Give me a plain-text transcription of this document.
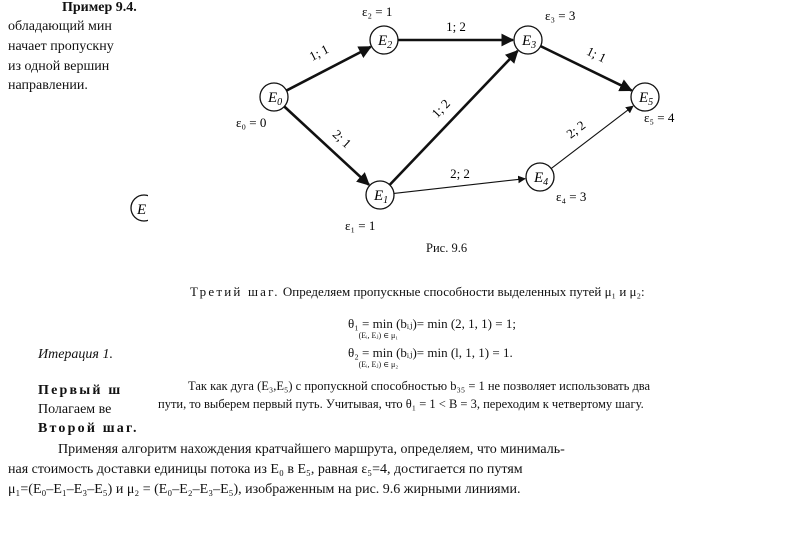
Пример 9.4.
обладающий мин
начает пропускну
из одной вершин
направлении.
E
Итерация 1.
Первый ш
Полагаем ве
Второй шаг.
Применяя алгоритм нахождения кратчайшего маршрута, определяем, что минималь-
ная стоимость доставки единицы потока из E₀ в E₅, равная ε₅=4, достигается по путям
μ₁=(E₀–E₁–E₃–E₅) и μ₂ = (E₀–E₂–E₃–E₅), изображенным на рис. 9.6 жирными линиями.
1; 1
1; 2
1; 1
2; 1
1; 2
2; 2
2; 2
$E_0$
ε₀ = 0
$E_1$
ε₁ = 1
$E_2$
ε₂ = 1
$E_3$
ε₃ = 3
$E_4$
ε₄ = 3
$E_5$
ε₅ = 4
Рис. 9.6
Третий шаг. Определяем пропускные способности выделенных путей μ₁ и μ₂:
θ₁ = min
(Eᵢ, Eⱼ) ∈ μ₁
(bᵢⱼ)= min (2, 1, 1) = 1;
θ₂ = min
(Eᵢ, Eⱼ) ∈ μ₂
(bᵢⱼ)= min (l, 1, 1) = 1.
Так как дуга (E₃,E₅) с пропускной способностью b₃₅ = 1 не позволяет использовать два
пути, то выберем первый путь. Учитывая, что θ₁ = 1 < B = 3, переходим к четвертому шагу.
